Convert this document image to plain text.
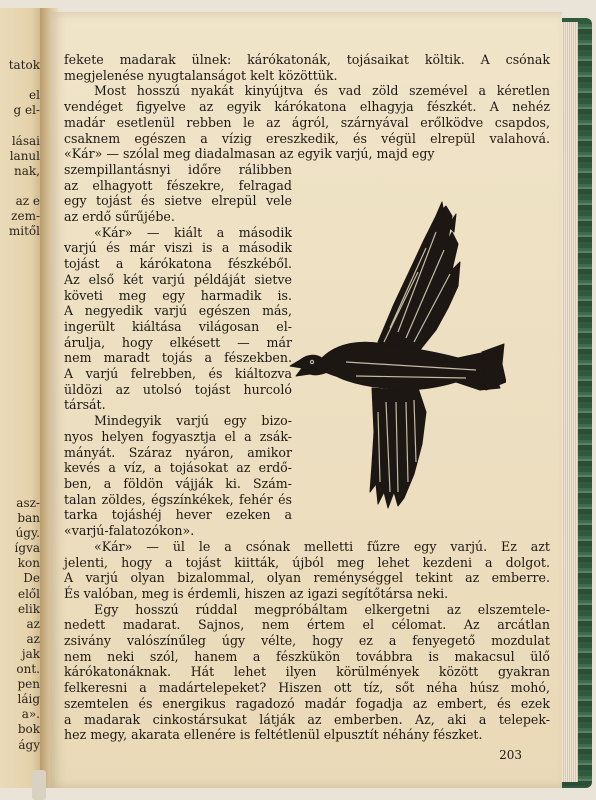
tatok
el
g el-
lásai
lanul
nak,
az e
zem-
mitől
asz-
ban
úgy.
ígva
kon
De
elől
elik
az
az
jak
ont.
pen
láig
a».
bok
ágy

fekete madarak ülnek: kárókatonák, tojásaikat költik. A csónak
megjelenése nyugtalanságot kelt közöttük.

Most hosszú nyakát kinyújtva és vad zöld szemével a kéretlen
vendéget figyelve az egyik kárókatona elhagyja fészkét. A nehéz
madár esetlenül rebben le az ágról, szárnyával erőlködve csapdos,
csaknem egészen a vízig ereszkedik, és végül elrepül valahová.
«Kár» — szólal meg diadalmasan az egyik varjú, majd egy

szempillantásnyi időre rálibben
az elhagyott fészekre, felragad
egy tojást és sietve elrepül vele
az erdő sűrűjébe.

«Kár» — kiált a második
varjú és már viszi is a második
tojást a kárókatona fészkéből.
Az első két varjú példáját sietve
követi meg egy harmadik is.
A negyedik varjú egészen más,
ingerült kiáltása világosan el-
árulja, hogy elkésett — már
nem maradt tojás a fészekben.
A varjú felrebben, és kiáltozva
üldözi az utolsó tojást hurcoló
társát.

Mindegyik varjú egy bizo-
nyos helyen fogyasztja el a zsák-
mányát. Száraz nyáron, amikor
kevés a víz, a tojásokat az erdő-
ben, a földön vájják ki. Szám-
talan zöldes, égszínkékek, fehér és
tarka tojáshéj hever ezeken a
«varjú-falatozókon».

«Kár» — ül le a csónak melletti fűzre egy varjú. Ez azt
jelenti, hogy a tojást kiitták, újból meg lehet kezdeni a dolgot.
A varjú olyan bizalommal, olyan reménységgel tekint az emberre.
És valóban, meg is érdemli, hiszen az igazi segítőtársa neki.

Egy hosszú rúddal megpróbáltam elkergetni az elszemtele-
nedett madarat. Sajnos, nem értem el célomat. Az arcátlan
zsivány valószínűleg úgy vélte, hogy ez a fenyegető mozdulat
nem neki szól, hanem a fészkükön továbbra is makacsul ülő
kárókatonáknak. Hát lehet ilyen körülmények között gyakran
felkeresni a madártelepeket? Hiszen ott tíz, sőt néha húsz mohó,
szemtelen és energikus ragadozó madár fogadja az embert, és ezek
a madarak cinkostársukat látják az emberben. Az, aki a telepek-
hez megy, akarata ellenére is feltétlenül elpusztít néhány fészket.

203
